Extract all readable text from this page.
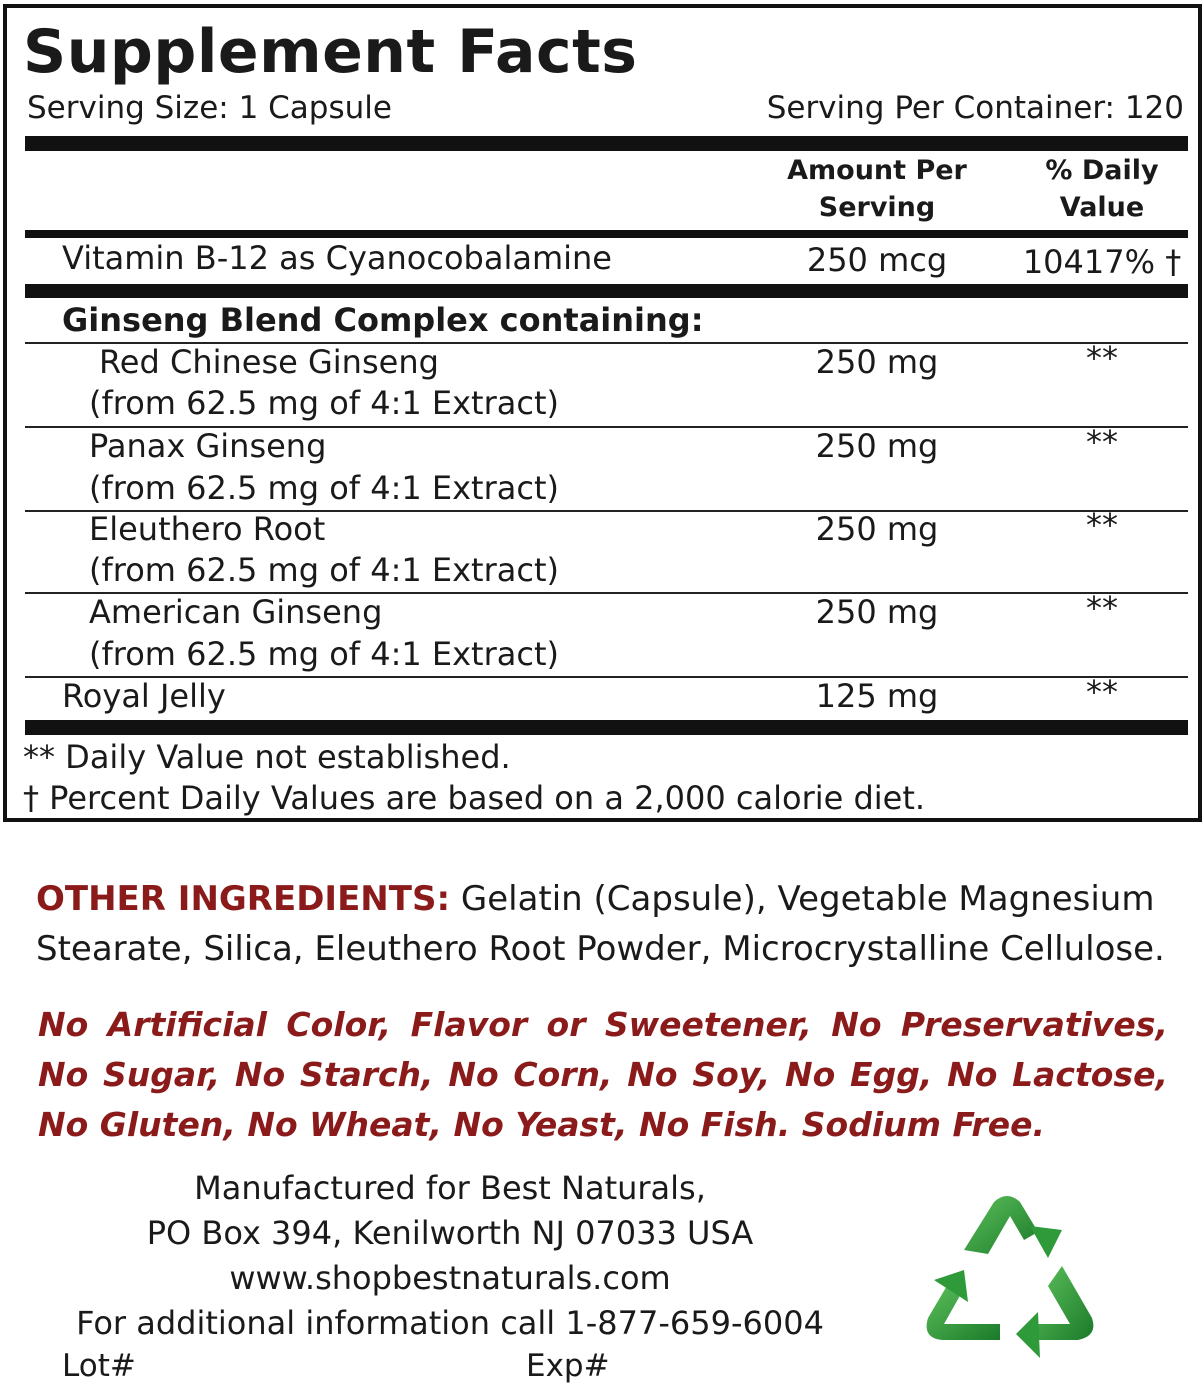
Supplement Facts
Serving Size: 1 Capsule	Serving Per Container: 120
Amount Per
Serving
% Daily
Value
Vitamin B-12 as Cyanocobalamine	250 mcg	10417% †
Ginseng Blend Complex containing:
Red Chinese Ginseng
(from 62.5 mg of 4:1 Extract)
250 mg	**
Panax Ginseng
(from 62.5 mg of 4:1 Extract)
250 mg	**
Eleuthero Root
(from 62.5 mg of 4:1 Extract)
250 mg	**
American Ginseng
(from 62.5 mg of 4:1 Extract)
250 mg	**
Royal Jelly	125 mg	**
** Daily Value not established.
† Percent Daily Values are based on a 2,000 calorie diet.
OTHER INGREDIENTS: Gelatin (Capsule), Vegetable Magnesium Stearate, Silica, Eleuthero Root Powder, Microcrystalline Cellulose.
No Artificial Color, Flavor or Sweetener, No Preservatives, No Sugar, No Starch, No Corn, No Soy, No Egg, No Lactose, No Gluten, No Wheat, No Yeast, No Fish. Sodium Free.
Manufactured for Best Naturals,
PO Box 394, Kenilworth NJ 07033 USA
www.shopbestnaturals.com
For additional information call 1-877-659-6004
Lot#	Exp#
